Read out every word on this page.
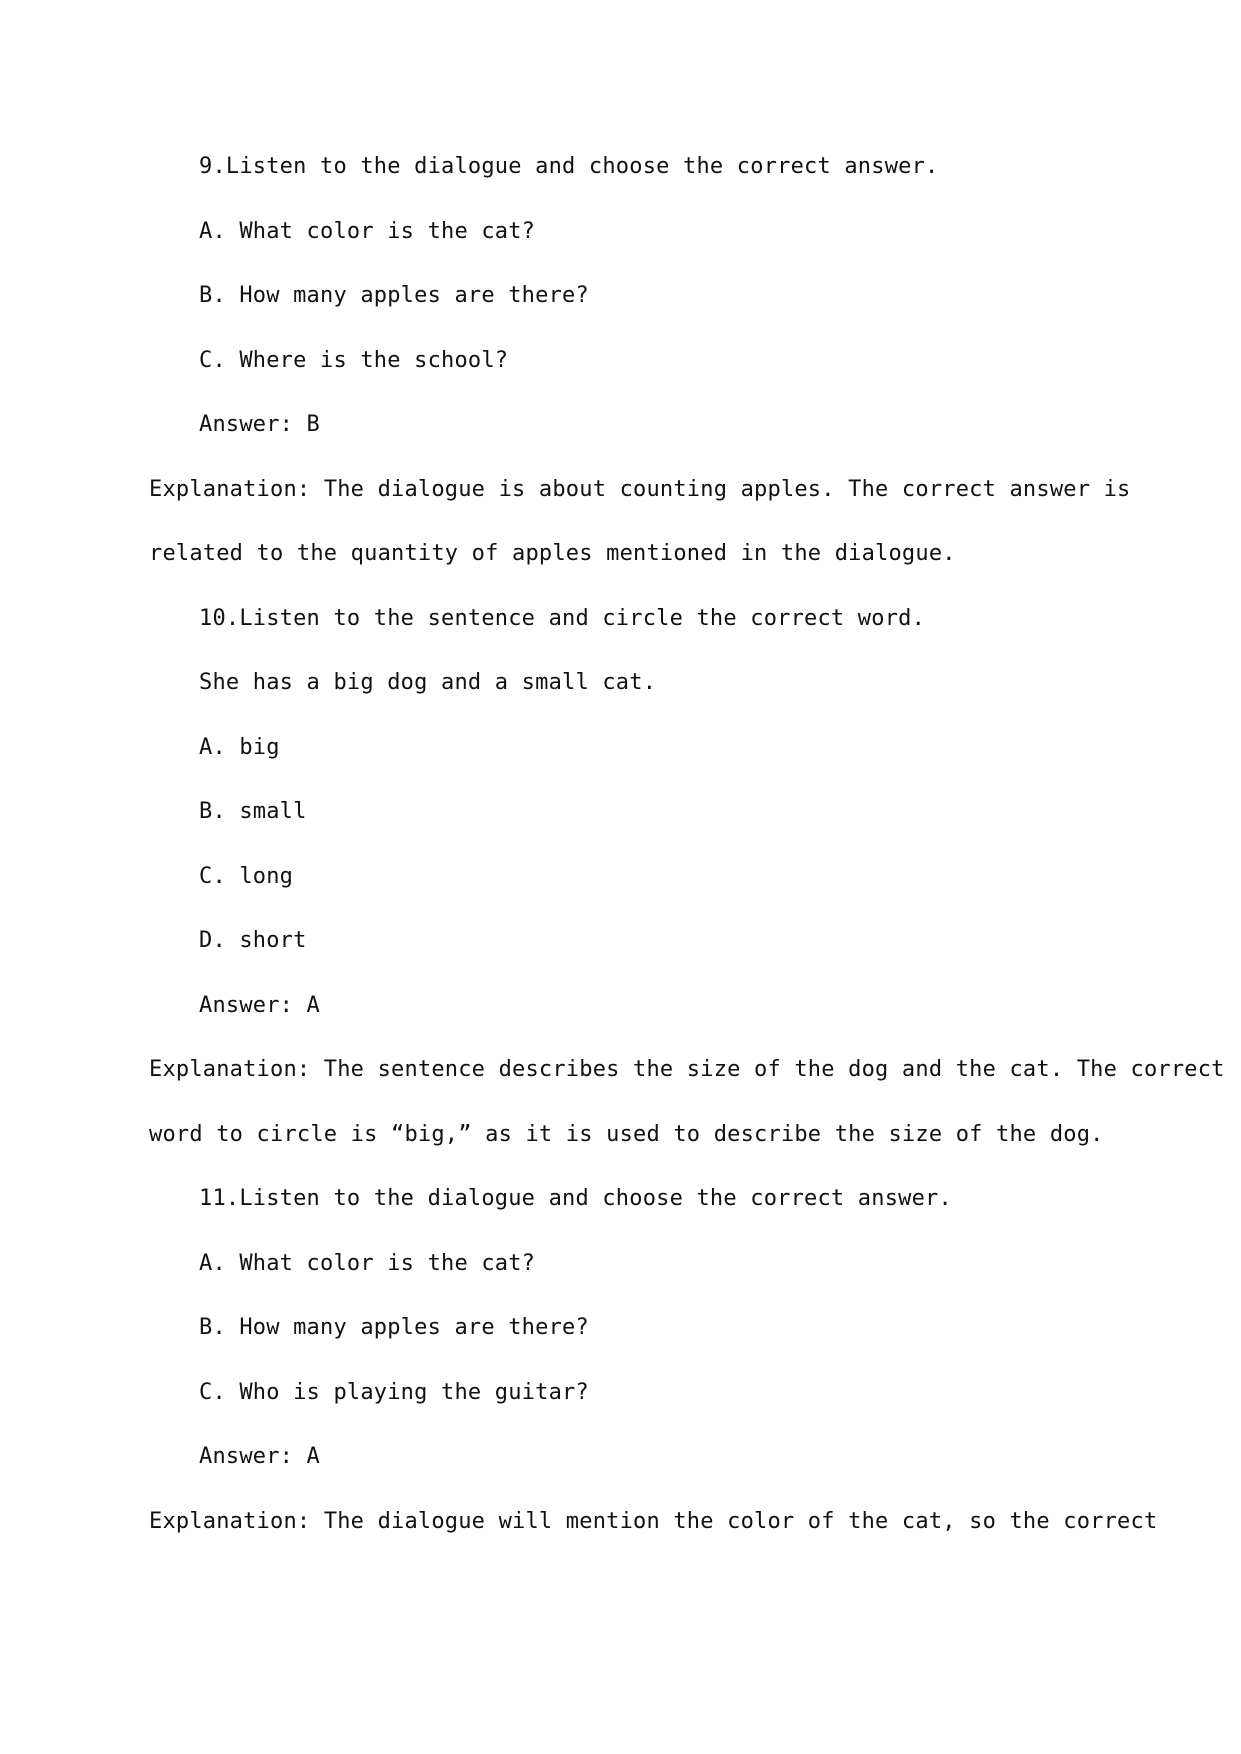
9.Listen to the dialogue and choose the correct answer.
A. What color is the cat?
B. How many apples are there?
C. Where is the school?
Answer: B
Explanation: The dialogue is about counting apples. The correct answer is
related to the quantity of apples mentioned in the dialogue.
10.Listen to the sentence and circle the correct word.
She has a big dog and a small cat.
A. big
B. small
C. long
D. short
Answer: A
Explanation: The sentence describes the size of the dog and the cat. The correct
word to circle is “big,” as it is used to describe the size of the dog.
11.Listen to the dialogue and choose the correct answer.
A. What color is the cat?
B. How many apples are there?
C. Who is playing the guitar?
Answer: A
Explanation: The dialogue will mention the color of the cat, so the correct
